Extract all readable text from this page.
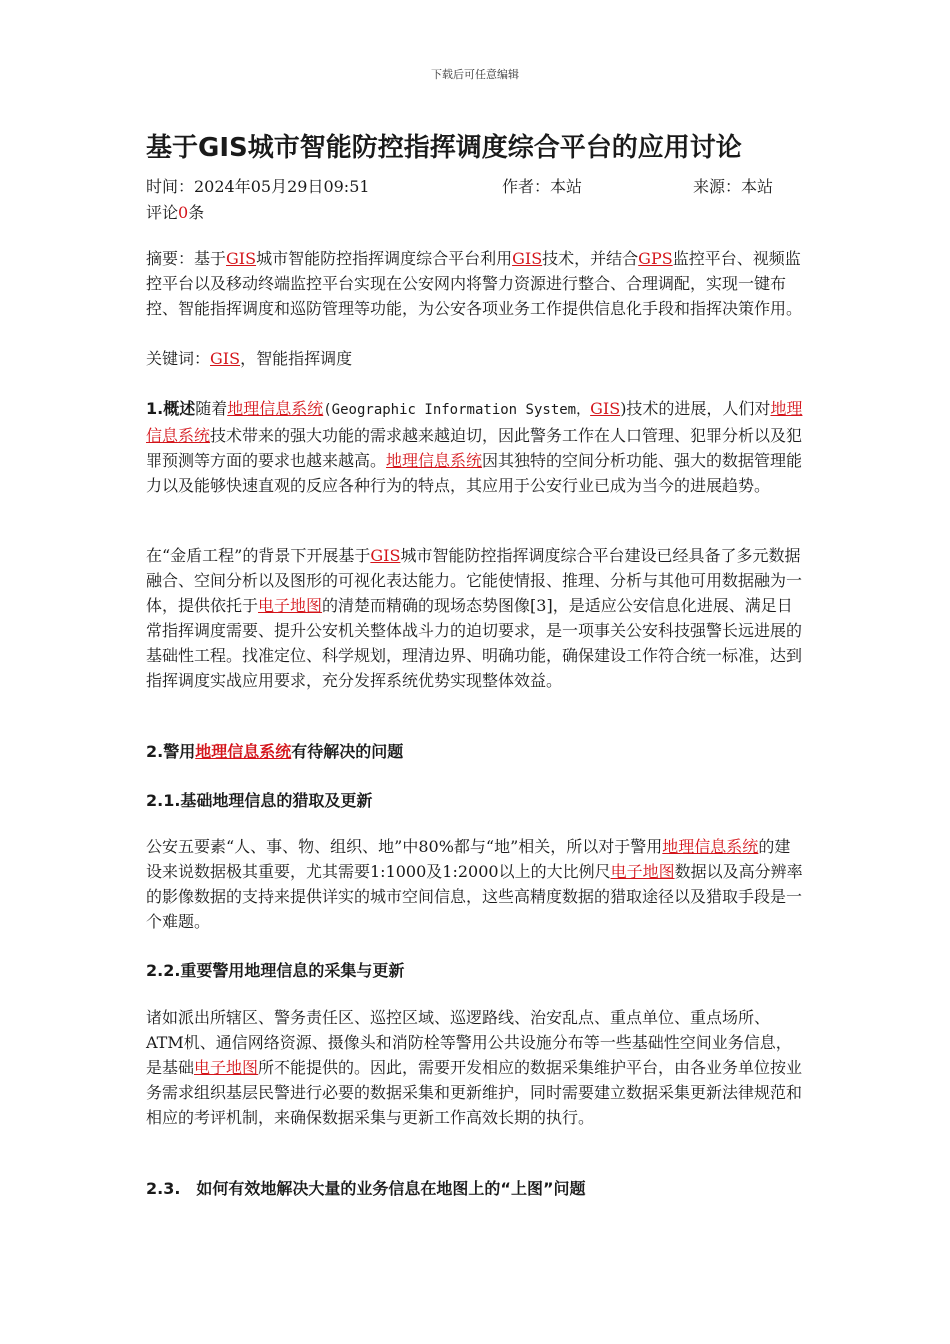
下载后可任意编辑
基于GIS城市智能防控指挥调度综合平台的应用讨论
时间：2024年05月29日09:51	作者：本站	来源：本站
评论0条

摘要：基于GIS城市智能防控指挥调度综合平台利用GIS技术，并结合GPS监控平台、视频监控平台以及移动终端监控平台实现在公安网内将警力资源进行整合、合理调配，实现一键布控、智能指挥调度和巡防管理等功能，为公安各项业务工作提供信息化手段和指挥决策作用。

关键词：GIS，智能指挥调度

1.概述随着地理信息系统(Geographic Information System，GIS)技术的进展，人们对地理信息系统技术带来的强大功能的需求越来越迫切，因此警务工作在人口管理、犯罪分析以及犯罪预测等方面的要求也越来越高。地理信息系统因其独特的空间分析功能、强大的数据管理能力以及能够快速直观的反应各种行为的特点，其应用于公安行业已成为当今的进展趋势。

在“金盾工程”的背景下开展基于GIS城市智能防控指挥调度综合平台建设已经具备了多元数据融合、空间分析以及图形的可视化表达能力。它能使情报、推理、分析与其他可用数据融为一体，提供依托于电子地图的清楚而精确的现场态势图像[3]，是适应公安信息化进展、满足日常指挥调度需要、提升公安机关整体战斗力的迫切要求，是一项事关公安科技强警长远进展的基础性工程。找准定位、科学规划，理清边界、明确功能，确保建设工作符合统一标准，达到指挥调度实战应用要求，充分发挥系统优势实现整体效益。

2.警用地理信息系统有待解决的问题
2.1.基础地理信息的猎取及更新

公安五要素“人、事、物、组织、地”中80%都与“地”相关，所以对于警用地理信息系统的建设来说数据极其重要，尤其需要1:1000及1:2000以上的大比例尺电子地图数据以及高分辨率的影像数据的支持来提供详实的城市空间信息，这些高精度数据的猎取途径以及猎取手段是一个难题。

2.2.重要警用地理信息的采集与更新

诸如派出所辖区、警务责任区、巡控区域、巡逻路线、治安乱点、重点单位、重点场所、ATM机、通信网络资源、摄像头和消防栓等警用公共设施分布等一些基础性空间业务信息，是基础电子地图所不能提供的。因此，需要开发相应的数据采集维护平台，由各业务单位按业务需求组织基层民警进行必要的数据采集和更新维护，同时需要建立数据采集更新法律规范和相应的考评机制，来确保数据采集与更新工作高效长期的执行。

2.3.　如何有效地解决大量的业务信息在地图上的“上图”问题
